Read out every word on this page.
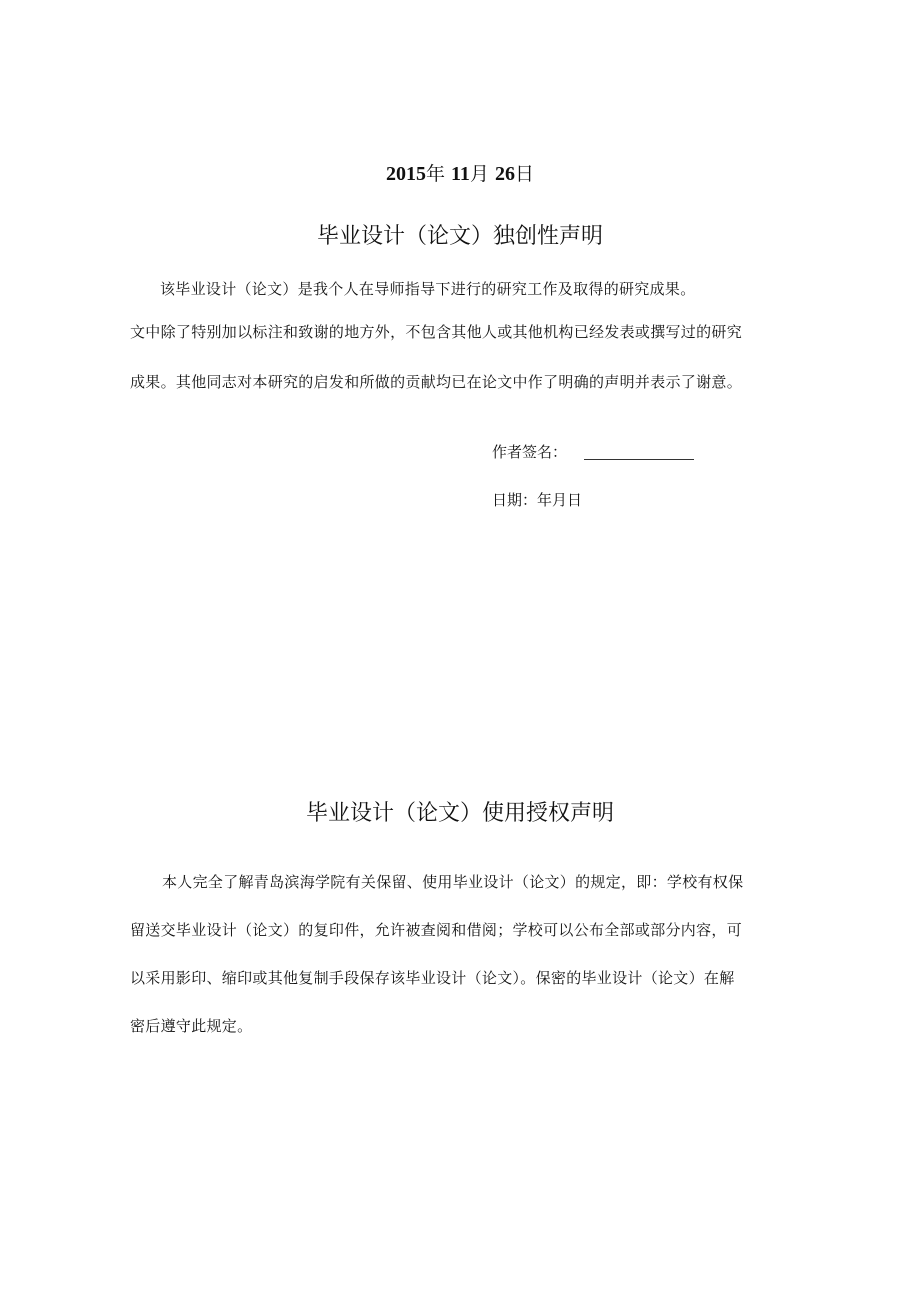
2015年 11月 26日
毕业设计（论文）独创性声明
该毕业设计（论文）是我个人在导师指导下进行的研究工作及取得的研究成果。
文中除了特别加以标注和致谢的地方外，不包含其他人或其他机构已经发表或撰写过的研究
成果。其他同志对本研究的启发和所做的贡献均已在论文中作了明确的声明并表示了谢意。
作者签名：
日期：年月日
毕业设计（论文）使用授权声明
本人完全了解青岛滨海学院有关保留、使用毕业设计（论文）的规定，即：学校有权保
留送交毕业设计（论文）的复印件，允许被查阅和借阅；学校可以公布全部或部分内容，可
以采用影印、缩印或其他复制手段保存该毕业设计（论文）。保密的毕业设计（论文）在解
密后遵守此规定。
